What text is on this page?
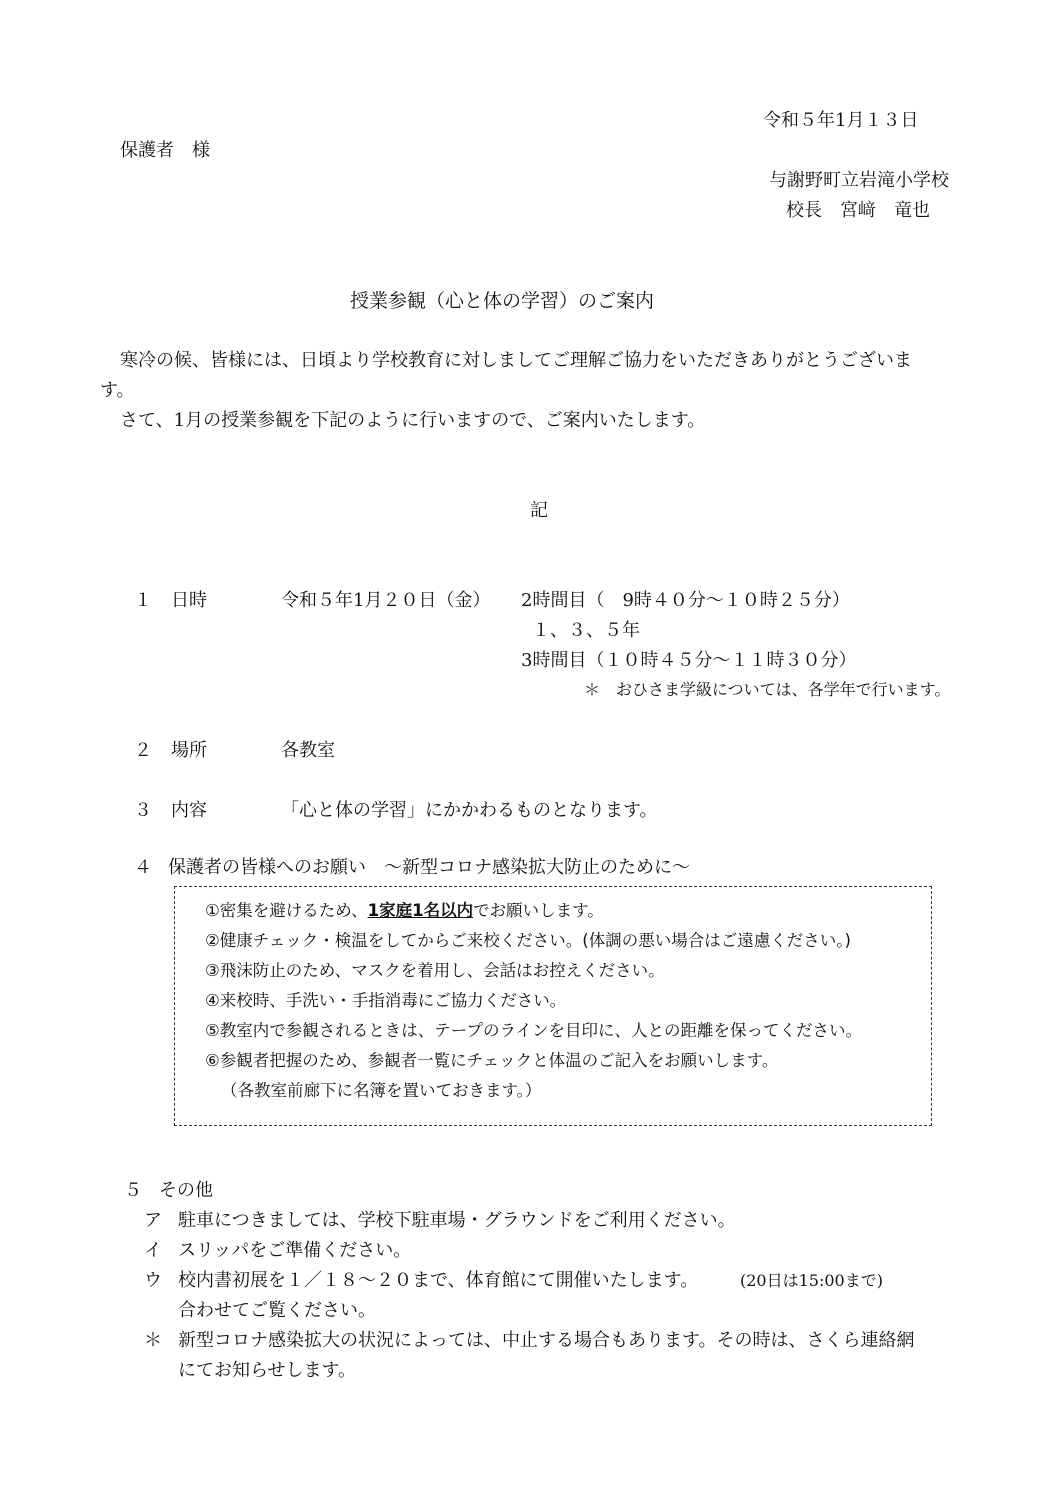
令和５年1月１３日
保護者　様
与謝野町立岩滝小学校
校長　宮﨑　竜也
授業参観（心と体の学習）のご案内
寒冷の候、皆様には、日頃より学校教育に対しましてご理解ご協力をいただきありがとうございま
す。
さて、1月の授業参観を下記のように行いますので、ご案内いたします。
記
１ 日時	令和５年1月２０日（金） 2時間目（　9時４０分～１０時２５分）
１、３、５年
3時間目（１０時４５分～１１時３０分）
＊　おひさま学級については、各学年で行います。
２ 場所	各教室
３ 内容	「心と体の学習」にかかわるものとなります。
４ 保護者の皆様へのお願い　～新型コロナ感染拡大防止のために～
①密集を避けるため、1家庭1名以内でお願いします。
②健康チェック・検温をしてからご来校ください。(体調の悪い場合はご遠慮ください。)
③飛沫防止のため、マスクを着用し、会話はお控えください。
④来校時、手洗い・手指消毒にご協力ください。
⑤教室内で参観されるときは、テープのラインを目印に、人との距離を保ってください。
⑥参観者把握のため、参観者一覧にチェックと体温のご記入をお願いします。
（各教室前廊下に名簿を置いておきます。）
５ その他
ア 駐車につきましては、学校下駐車場・グラウンドをご利用ください。
イ スリッパをご準備ください。
ウ 校内書初展を１／１８～２０まで、体育館にて開催いたします。	(20日は15:00まで)
合わせてご覧ください。
＊ 新型コロナ感染拡大の状況によっては、中止する場合もあります。その時は、さくら連絡網
にてお知らせします。
